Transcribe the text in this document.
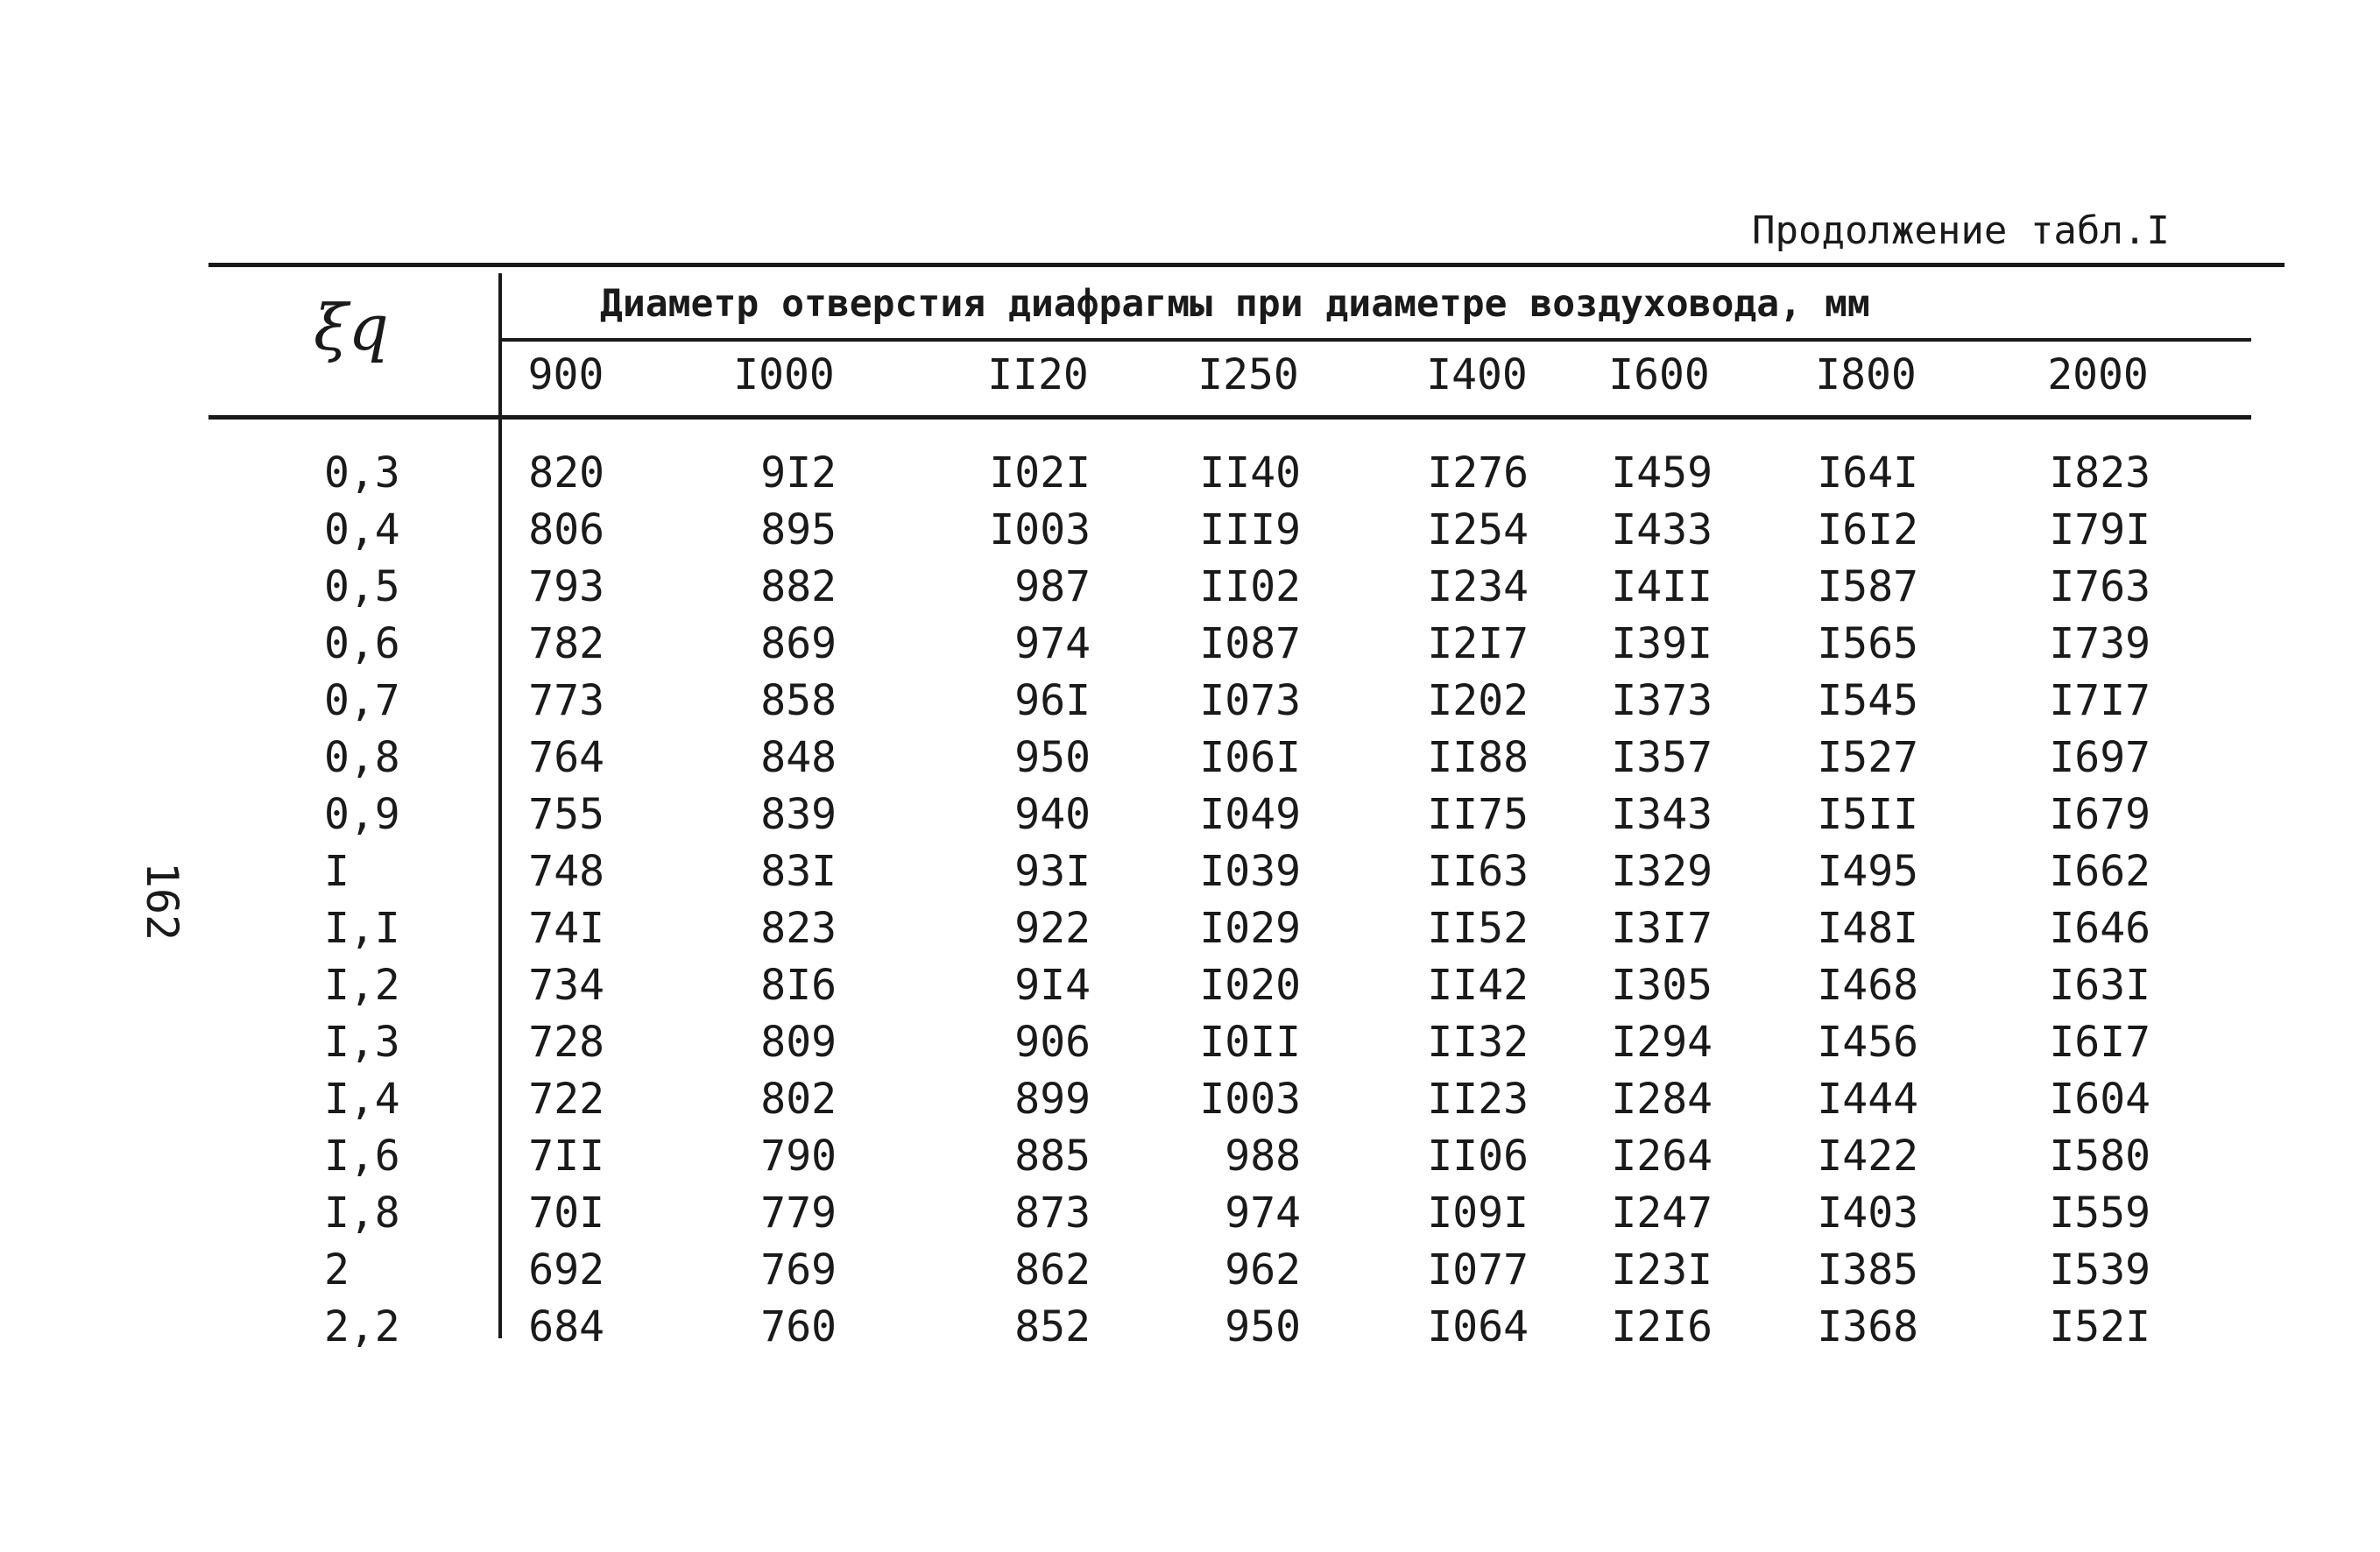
162
Продолжение табл.I
ξq	Диаметр отверстия диафрагмы при диаметре воздуховода, мм
900	I000	II20	I250	I400	I600	I800	2000
0,3	820	9I2	I02I	II40	I276	I459	I64I	I823
0,4	806	895	I003	III9	I254	I433	I6I2	I79I
0,5	793	882	987	II02	I234	I4II	I587	I763
0,6	782	869	974	I087	I2I7	I39I	I565	I739
0,7	773	858	96I	I073	I202	I373	I545	I7I7
0,8	764	848	950	I06I	II88	I357	I527	I697
0,9	755	839	940	I049	II75	I343	I5II	I679
I	748	83I	93I	I039	II63	I329	I495	I662
I,I	74I	823	922	I029	II52	I3I7	I48I	I646
I,2	734	8I6	9I4	I020	II42	I305	I468	I63I
I,3	728	809	906	I0II	II32	I294	I456	I6I7
I,4	722	802	899	I003	II23	I284	I444	I604
I,6	7II	790	885	988	II06	I264	I422	I580
I,8	70I	779	873	974	I09I	I247	I403	I559
2	692	769	862	962	I077	I23I	I385	I539
2,2	684	760	852	950	I064	I2I6	I368	I52I
